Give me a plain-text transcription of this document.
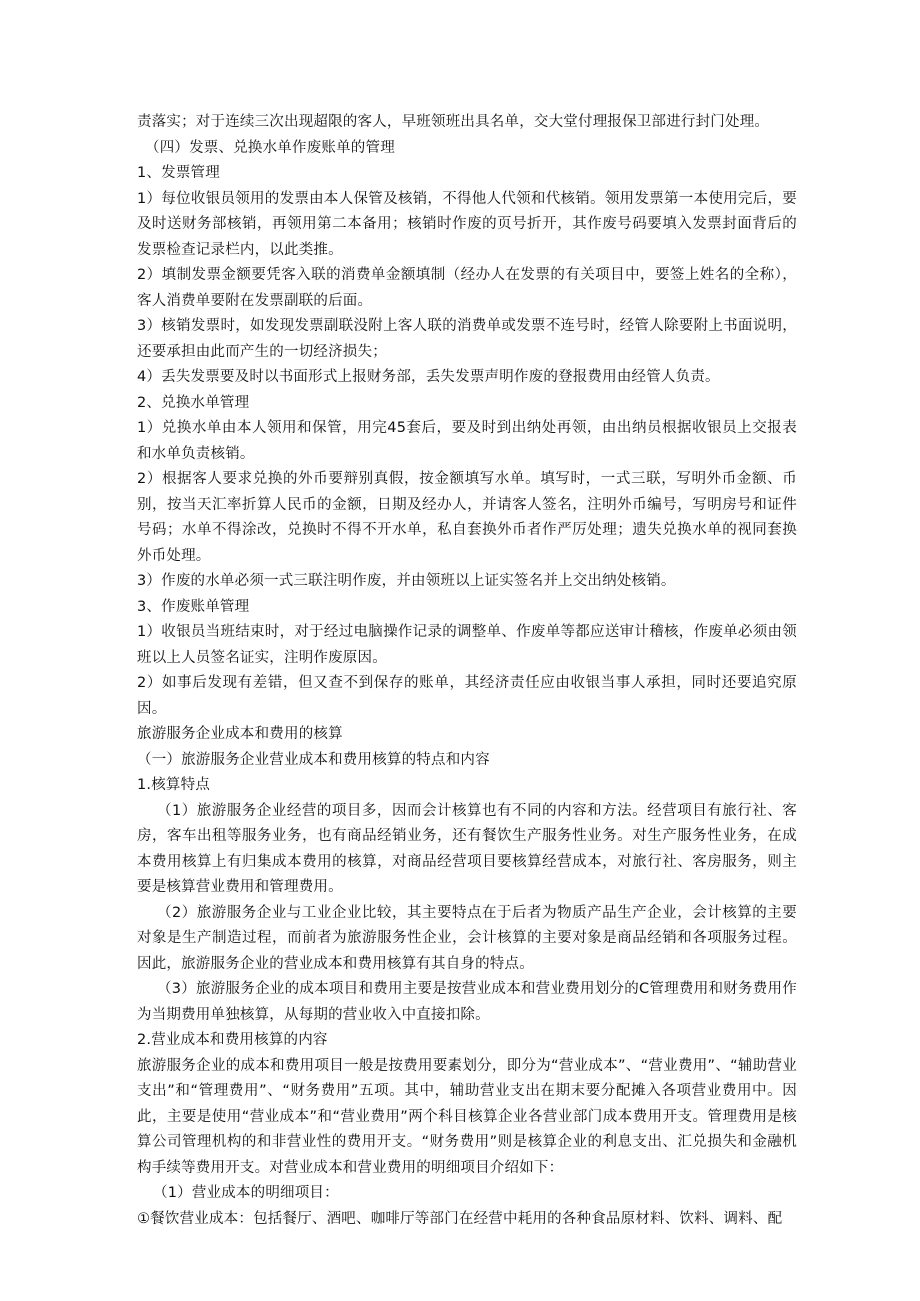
责落实；对于连续三次出现超限的客人，早班领班出具名单，交大堂付理报保卫部进行封门处理。

（四）发票、兑换水单作废账单的管理

1、发票管理

1）每位收银员领用的发票由本人保管及核销，不得他人代领和代核销。领用发票第一本使用完后，要及时送财务部核销，再领用第二本备用；核销时作废的页号折开，其作废号码要填入发票封面背后的发票检查记录栏内，以此类推。

2）填制发票金额要凭客入联的消费单金额填制（经办人在发票的有关项目中，要签上姓名的全称），客人消费单要附在发票副联的后面。

3）核销发票时，如发现发票副联没附上客人联的消费单或发票不连号时，经管人除要附上书面说明，还要承担由此而产生的一切经济损失；

4）丢失发票要及时以书面形式上报财务部，丢失发票声明作废的登报费用由经管人负责。

2、兑换水单管理

1）兑换水单由本人领用和保管，用完45套后，要及时到出纳处再领，由出纳员根据收银员上交报表和水单负责核销。

2）根据客人要求兑换的外币要辩别真假，按金额填写水单。填写时，一式三联，写明外币金额、币别，按当天汇率折算人民币的金额，日期及经办人，并请客人签名，注明外币编号，写明房号和证件号码；水单不得涂改，兑换时不得不开水单，私自套换外币者作严厉处理；遗失兑换水单的视同套换外币处理。

3）作废的水单必须一式三联注明作废，并由领班以上证实签名并上交出纳处核销。

3、作废账单管理

1）收银员当班结束时，对于经过电脑操作记录的调整单、作废单等都应送审计稽核，作废单必须由领班以上人员签名证实，注明作废原因。

2）如事后发现有差错，但又查不到保存的账单，其经济责任应由收银当事人承担，同时还要追究原因。

旅游服务企业成本和费用的核算

（一）旅游服务企业营业成本和费用核算的特点和内容

1.核算特点

（1）旅游服务企业经营的项目多，因而会计核算也有不同的内容和方法。经营项目有旅行社、客房，客车出租等服务业务，也有商品经销业务，还有餐饮生产服务性业务。对生产服务性业务，在成本费用核算上有归集成本费用的核算，对商品经营项目要核算经营成本，对旅行社、客房服务，则主要是核算营业费用和管理费用。

（2）旅游服务企业与工业企业比较，其主要特点在于后者为物质产品生产企业，会计核算的主要对象是生产制造过程，而前者为旅游服务性企业，会计核算的主要对象是商品经销和各项服务过程。因此，旅游服务企业的营业成本和费用核算有其自身的特点。

（3）旅游服务企业的成本项目和费用主要是按营业成本和营业费用划分的C管理费用和财务费用作为当期费用单独核算，从每期的营业收入中直接扣除。

2.营业成本和费用核算的内容

旅游服务企业的成本和费用项目一般是按费用要素划分，即分为“营业成本”、“营业费用”、“辅助营业支出”和“管理费用”、“财务费用”五项。其中，辅助营业支出在期末要分配摊入各项营业费用中。因此，主要是使用“营业成本”和“营业费用”两个科目核算企业各营业部门成本费用开支。管理费用是核算公司管理机构的和非营业性的费用开支。“财务费用”则是核算企业的利息支出、汇兑损失和金融机构手续等费用开支。对营业成本和营业费用的明细项目介绍如下：

（1）营业成本的明细项目：

①餐饮营业成本：包括餐厅、酒吧、咖啡厅等部门在经营中耗用的各种食品原材料、饮料、调料、配
